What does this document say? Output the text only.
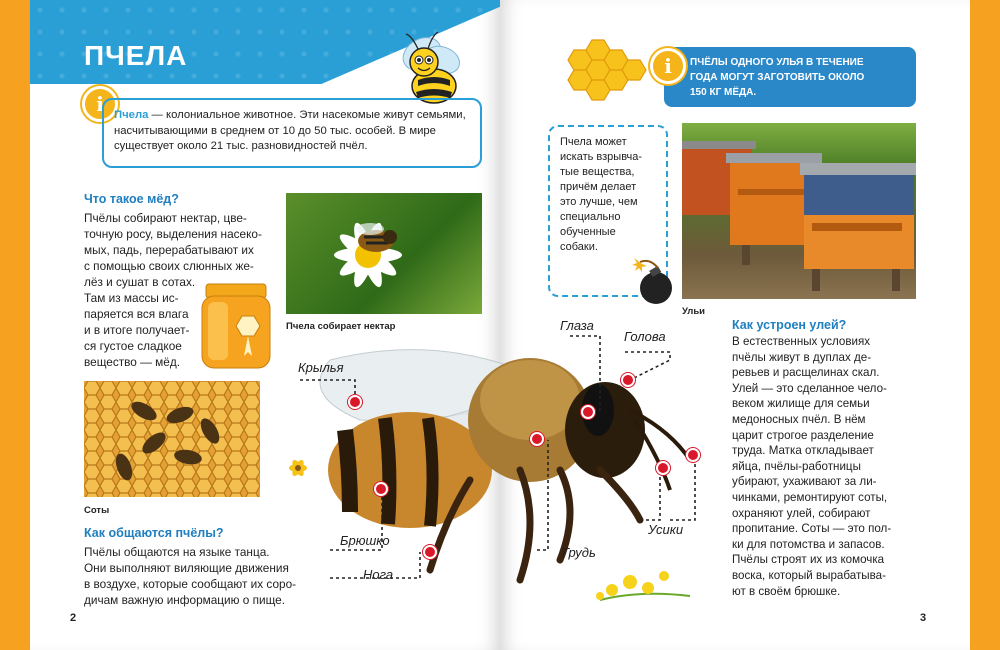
ПЧЕЛА
i Пчела — колониальное животное. Эти насекомые живут семьями, насчитывающими в среднем от 10 до 50 тыс. особей. В мире существует около 21 тыс. разновидностей пчёл.
Что такое мёд?
Пчёлы собирают нектар, цве-
точную росу, выделения насеко-
мых, падь, перерабатывают их
с помощью своих слюнных же-
лёз и сушат в сотах.
Там из массы ис-
паряется вся влага
и в итоге получает-
ся густое сладкое
вещество — мёд.
Пчела собирает нектар
Соты
Как общаются пчёлы?
Пчёлы общаются на языке танца.
Они выполняют виляющие движения
в воздухе, которые сообщают их соро-
дичам важную информацию о пище.
2
ПЧЁЛЫ ОДНОГО УЛЬЯ В ТЕЧЕНИЕ
ГОДА МОГУТ ЗАГОТОВИТЬ ОКОЛО
150 КГ МЁДА.
i
Пчела может
искать взрывча-
тые вещества,
причём делает
это лучше, чем
специально
обученные
собаки.
Ульи
Как устроен улей?
В естественных условиях
пчёлы живут в дуплах де-
ревьев и расщелинах скал.
Улей — это сделанное чело-
веком жилище для семьи
медоносных пчёл. В нём
царит строгое разделение
труда. Матка откладывает
яйца, пчёлы-работницы
убирают, ухаживают за ли-
чинками, ремонтируют соты,
охраняют улей, собирают
пропитание. Соты — это пол-
ки для потомства и запасов.
Пчёлы строят их из комочка
воска, который вырабатыва-
ют в своём брюшке.
3
Крылья
Глаза
Голова
Брюшко
Нога
Грудь
Усики
